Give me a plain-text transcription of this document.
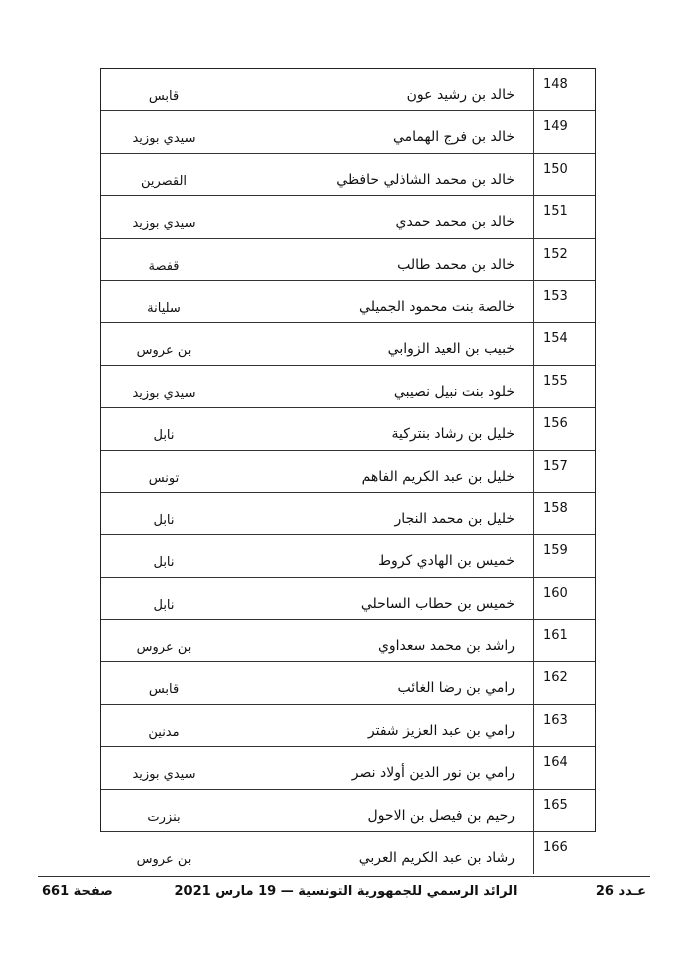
148
خالد بن رشيد عون
قابس
149
خالد بن فرج الهمامي
سيدي بوزيد
150
خالد بن محمد الشاذلي حافظي
القصرين
151
خالد بن محمد حمدي
سيدي بوزيد
152
خالد بن محمد طالب
قفصة
153
خالصة بنت محمود الجميلي
سليانة
154
خبيب بن العيد الزوابي
بن عروس
155
خلود بنت نبيل نصيبي
سيدي بوزيد
156
خليل بن رشاد بنتركية
نابل
157
خليل بن عبد الكريم الفاهم
تونس
158
خليل بن محمد النجار
نابل
159
خميس بن الهادي كروط
نابل
160
خميس بن حطاب الساحلي
نابل
161
راشد بن محمد سعداوي
بن عروس
162
رامي بن رضا الغائب
قابس
163
رامي بن عبد العزيز شفتر
مدنين
164
رامي بن نور الدين أولاد نصر
سيدي بوزيد
165
رحيم بن فيصل بن الاحول
بنزرت
166
رشاد بن عبد الكريم العربي
بن عروس
عـدد 26
الرائد الرسمي للجمهورية التونسية — 19 مارس 2021
صفحة 661
